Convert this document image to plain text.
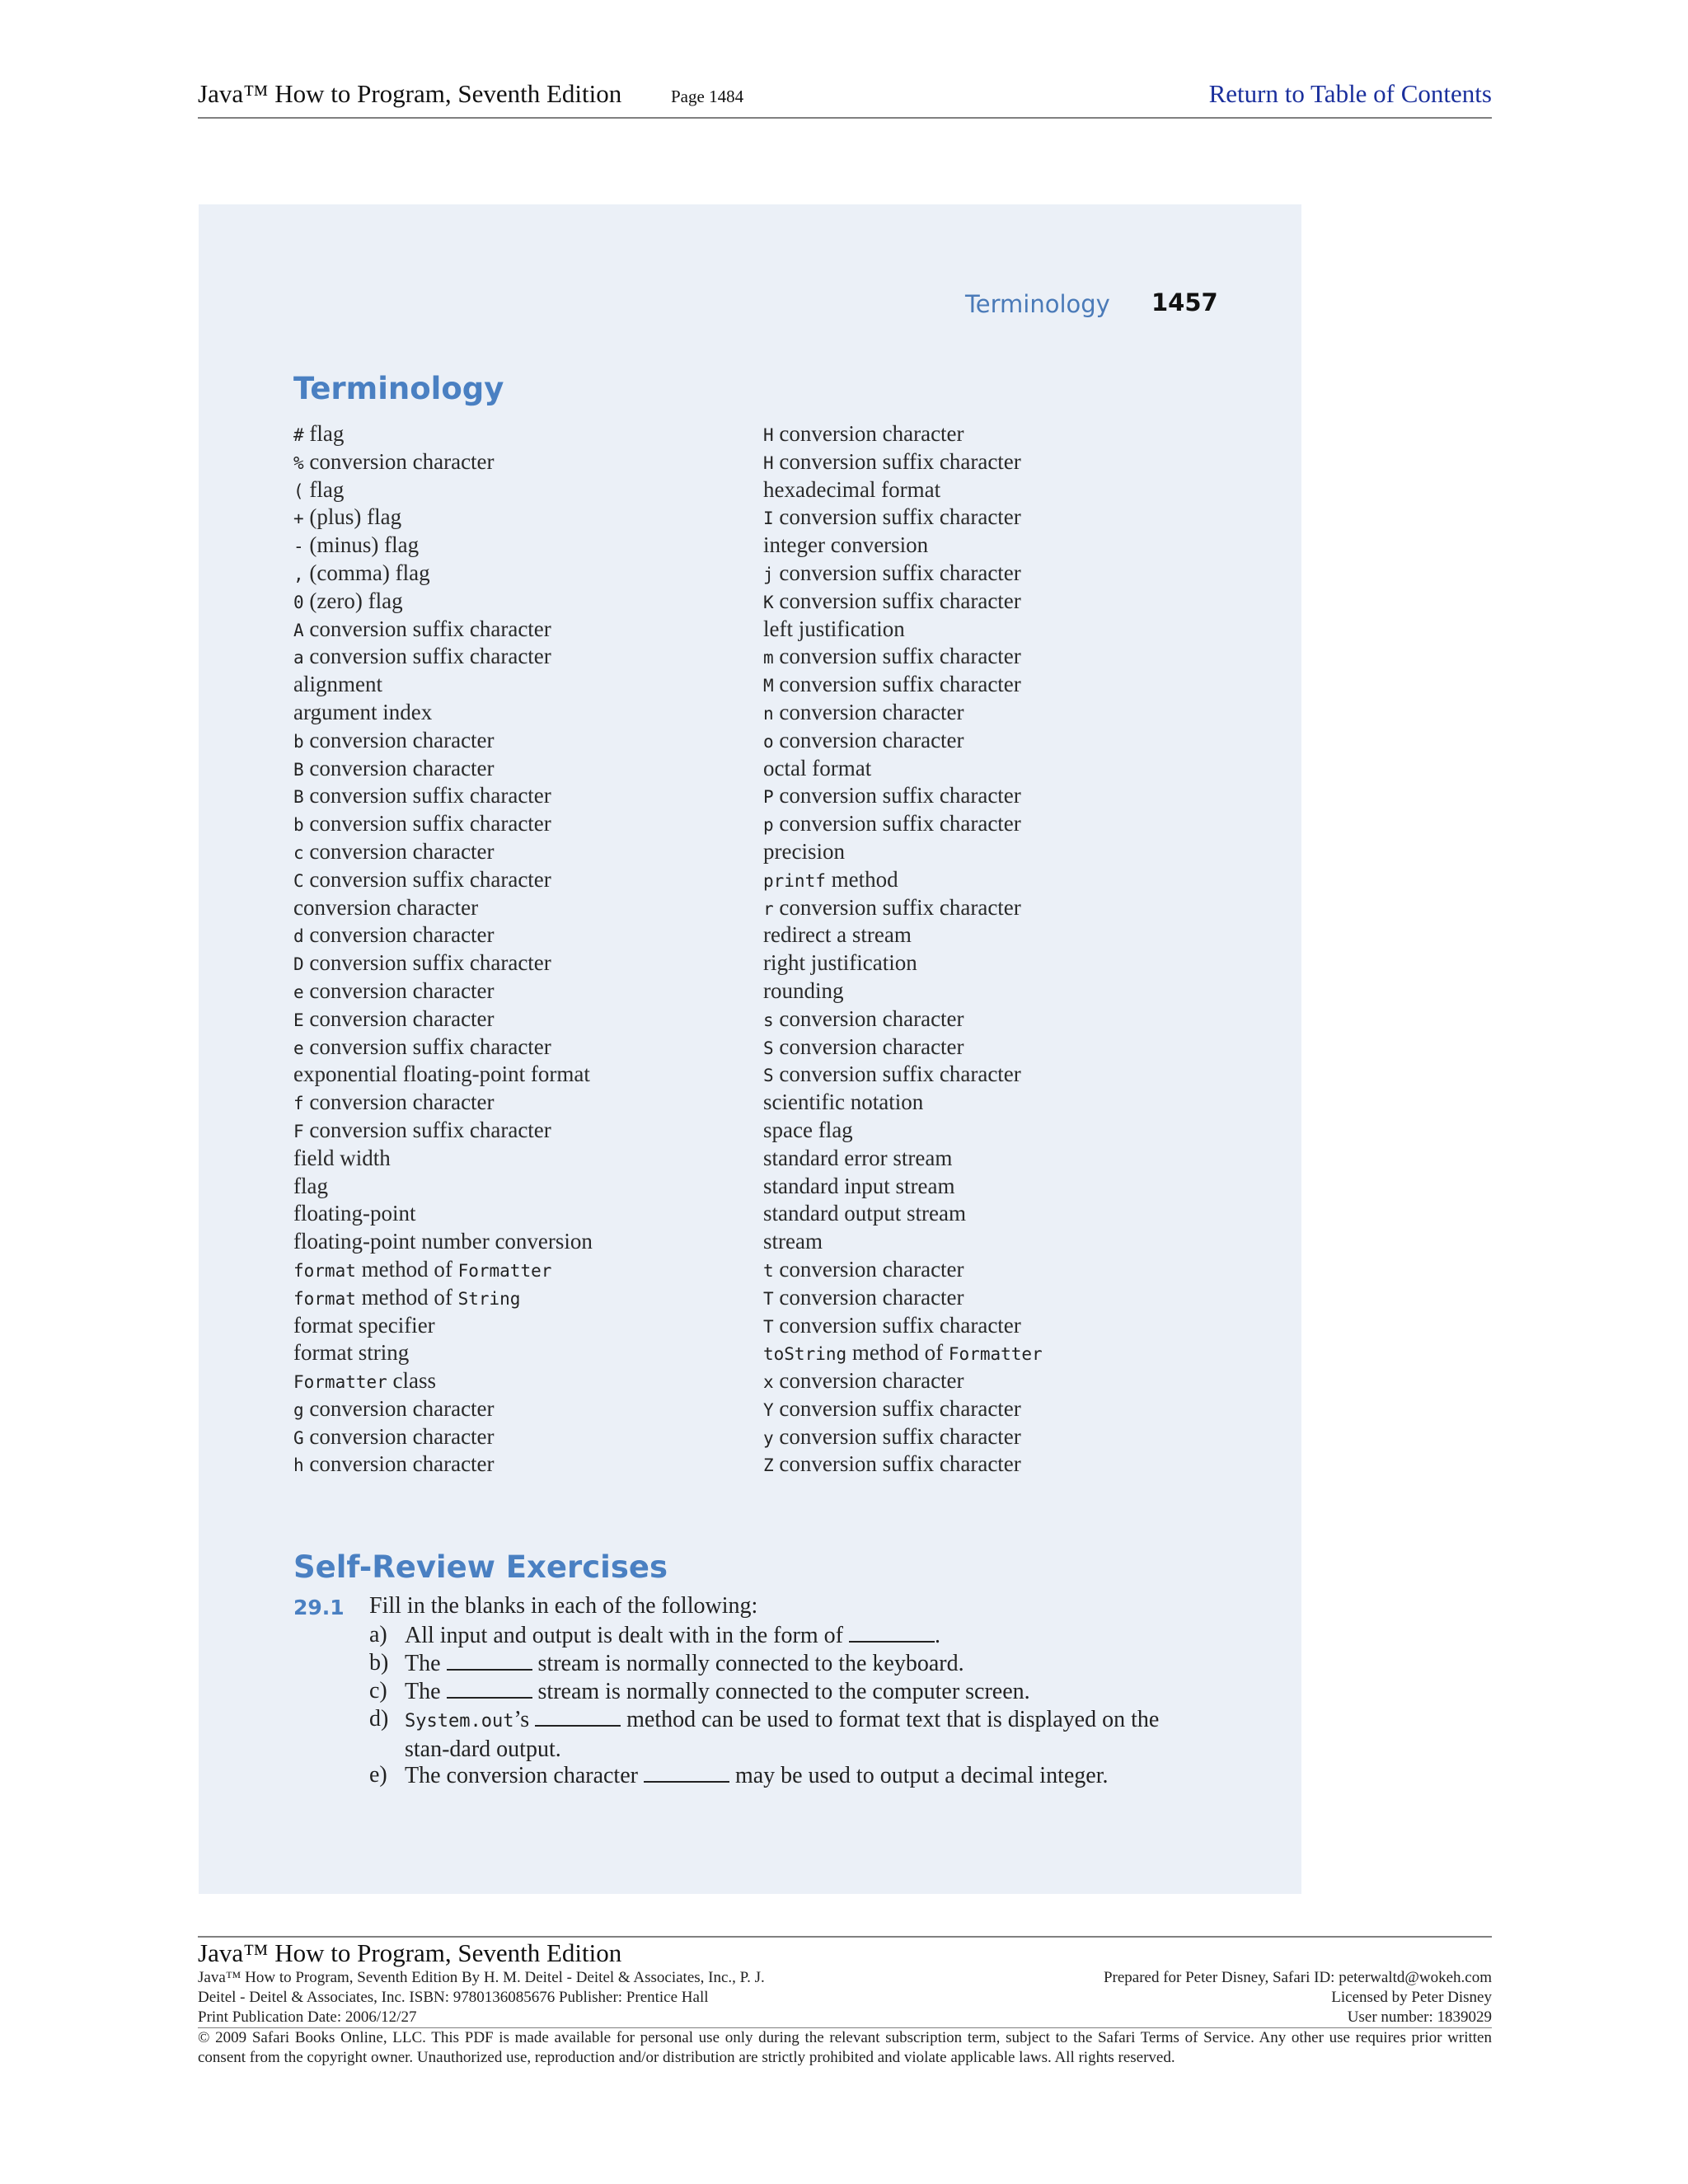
Java™ How to Program, Seventh Edition	Page 1484	Return to Table of Contents
Terminology 1457
Terminology
# flag
% conversion character
( flag
+ (plus) flag
- (minus) flag
, (comma) flag
0 (zero) flag
A conversion suffix character
a conversion suffix character
alignment
argument index
b conversion character
B conversion character
B conversion suffix character
b conversion suffix character
c conversion character
C conversion suffix character
conversion character
d conversion character
D conversion suffix character
e conversion character
E conversion character
e conversion suffix character
exponential floating-point format
f conversion character
F conversion suffix character
field width
flag
floating-point
floating-point number conversion
format method of Formatter
format method of String
format specifier
format string
Formatter class
g conversion character
G conversion character
h conversion character
H conversion character
H conversion suffix character
hexadecimal format
I conversion suffix character
integer conversion
j conversion suffix character
K conversion suffix character
left justification
m conversion suffix character
M conversion suffix character
n conversion character
o conversion character
octal format
P conversion suffix character
p conversion suffix character
precision
printf method
r conversion suffix character
redirect a stream
right justification
rounding
s conversion character
S conversion character
S conversion suffix character
scientific notation
space flag
standard error stream
standard input stream
standard output stream
stream
t conversion character
T conversion character
T conversion suffix character
toString method of Formatter
x conversion character
Y conversion suffix character
y conversion suffix character
Z conversion suffix character
Self-Review Exercises
29.1 Fill in the blanks in each of the following:
a) All input and output is dealt with in the form of	.
b) The	stream is normally connected to the keyboard.
c) The	stream is normally connected to the computer screen.
d) System.out’s	method can be used to format text that is displayed on the stan-dard output.
e) The conversion character	may be used to output a decimal integer.
Java™ How to Program, Seventh Edition
Java™ How to Program, Seventh Edition By H. M. Deitel - Deitel & Associates, Inc., P. J.
Deitel - Deitel & Associates, Inc. ISBN: 9780136085676 Publisher: Prentice Hall
Print Publication Date: 2006/12/27
Prepared for Peter Disney, Safari ID: peterwaltd@wokeh.com
Licensed by Peter Disney
User number: 1839029
© 2009 Safari Books Online, LLC. This PDF is made available for personal use only during the relevant subscription term, subject to the Safari Terms of Service. Any other use requires prior written consent from the copyright owner. Unauthorized use, reproduction and/or distribution are strictly prohibited and violate applicable laws. All rights reserved.
